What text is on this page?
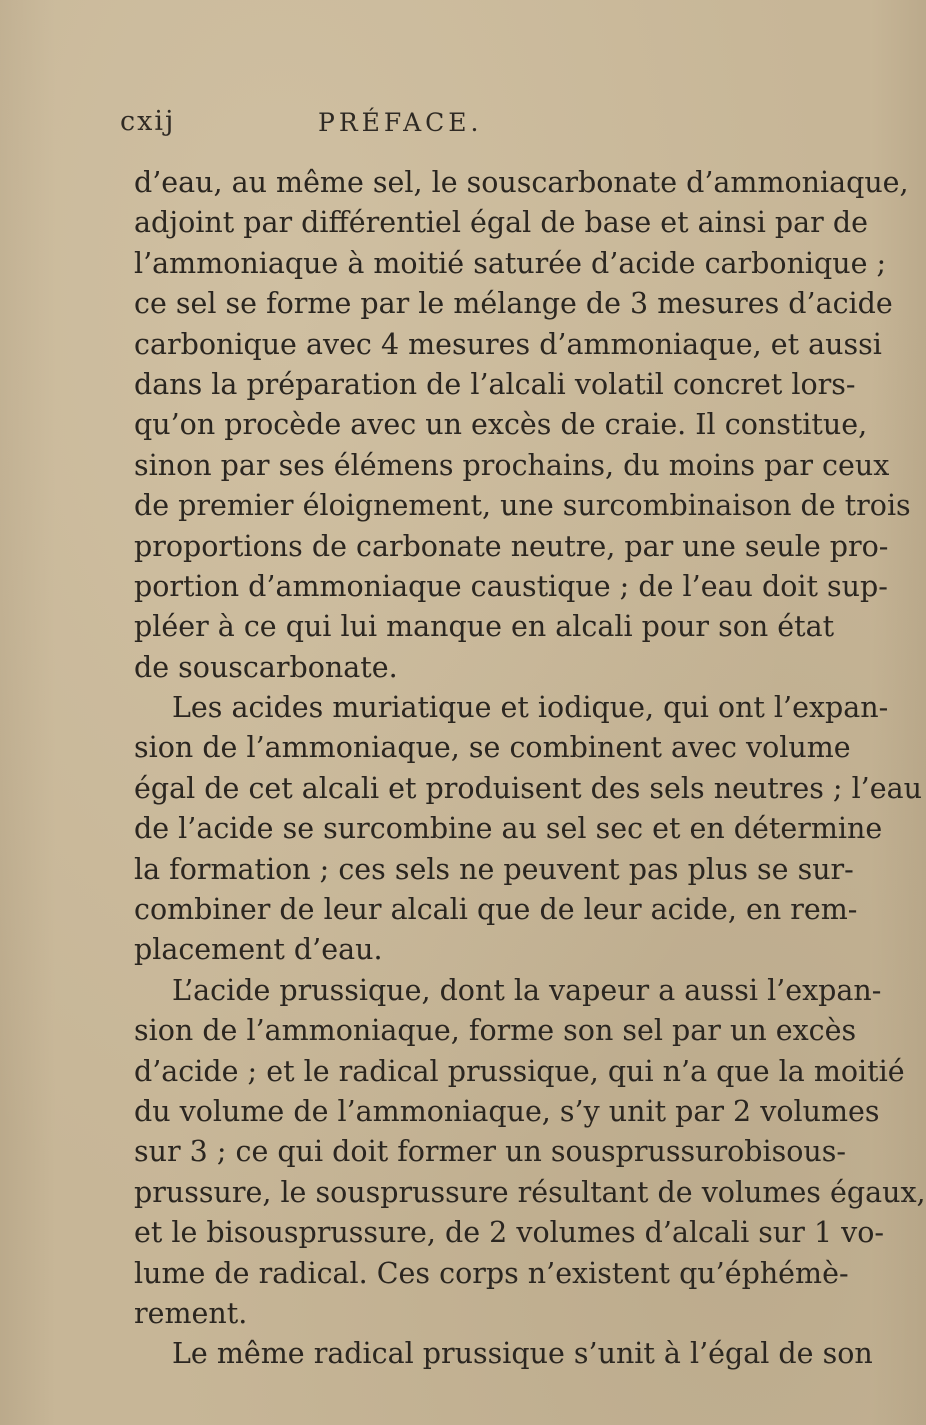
cxij	PRÉFACE.
d’eau, au même sel, le souscarbonate d’ammoniaque,
adjoint par différentiel égal de base et ainsi par de
l’ammoniaque à moitié saturée d’acide carbonique ;
ce sel se forme par le mélange de 3 mesures d’acide
carbonique avec 4 mesures d’ammoniaque, et aussi
dans la préparation de l’alcali volatil concret lors-
qu’on procède avec un excès de craie. Il constitue,
sinon par ses élémens prochains, du moins par ceux
de premier éloignement, une surcombinaison de trois
proportions de carbonate neutre, par une seule pro-
portion d’ammoniaque caustique ; de l’eau doit sup-
pléer à ce qui lui manque en alcali pour son état
de souscarbonate.
Les acides muriatique et iodique, qui ont l’expan-
sion de l’ammoniaque, se combinent avec volume
égal de cet alcali et produisent des sels neutres ; l’eau
de l’acide se surcombine au sel sec et en détermine
la formation ; ces sels ne peuvent pas plus se sur-
combiner de leur alcali que de leur acide, en rem-
placement d’eau.
L’acide prussique, dont la vapeur a aussi l’expan-
sion de l’ammoniaque, forme son sel par un excès
d’acide ; et le radical prussique, qui n’a que la moitié
du volume de l’ammoniaque, s’y unit par 2 volumes
sur 3 ; ce qui doit former un sousprussurobisous-
prussure, le sousprussure résultant de volumes égaux,
et le bisousprussure, de 2 volumes d’alcali sur 1 vo-
lume de radical. Ces corps n’existent qu’éphémè-
rement.
Le même radical prussique s’unit à l’égal de son
